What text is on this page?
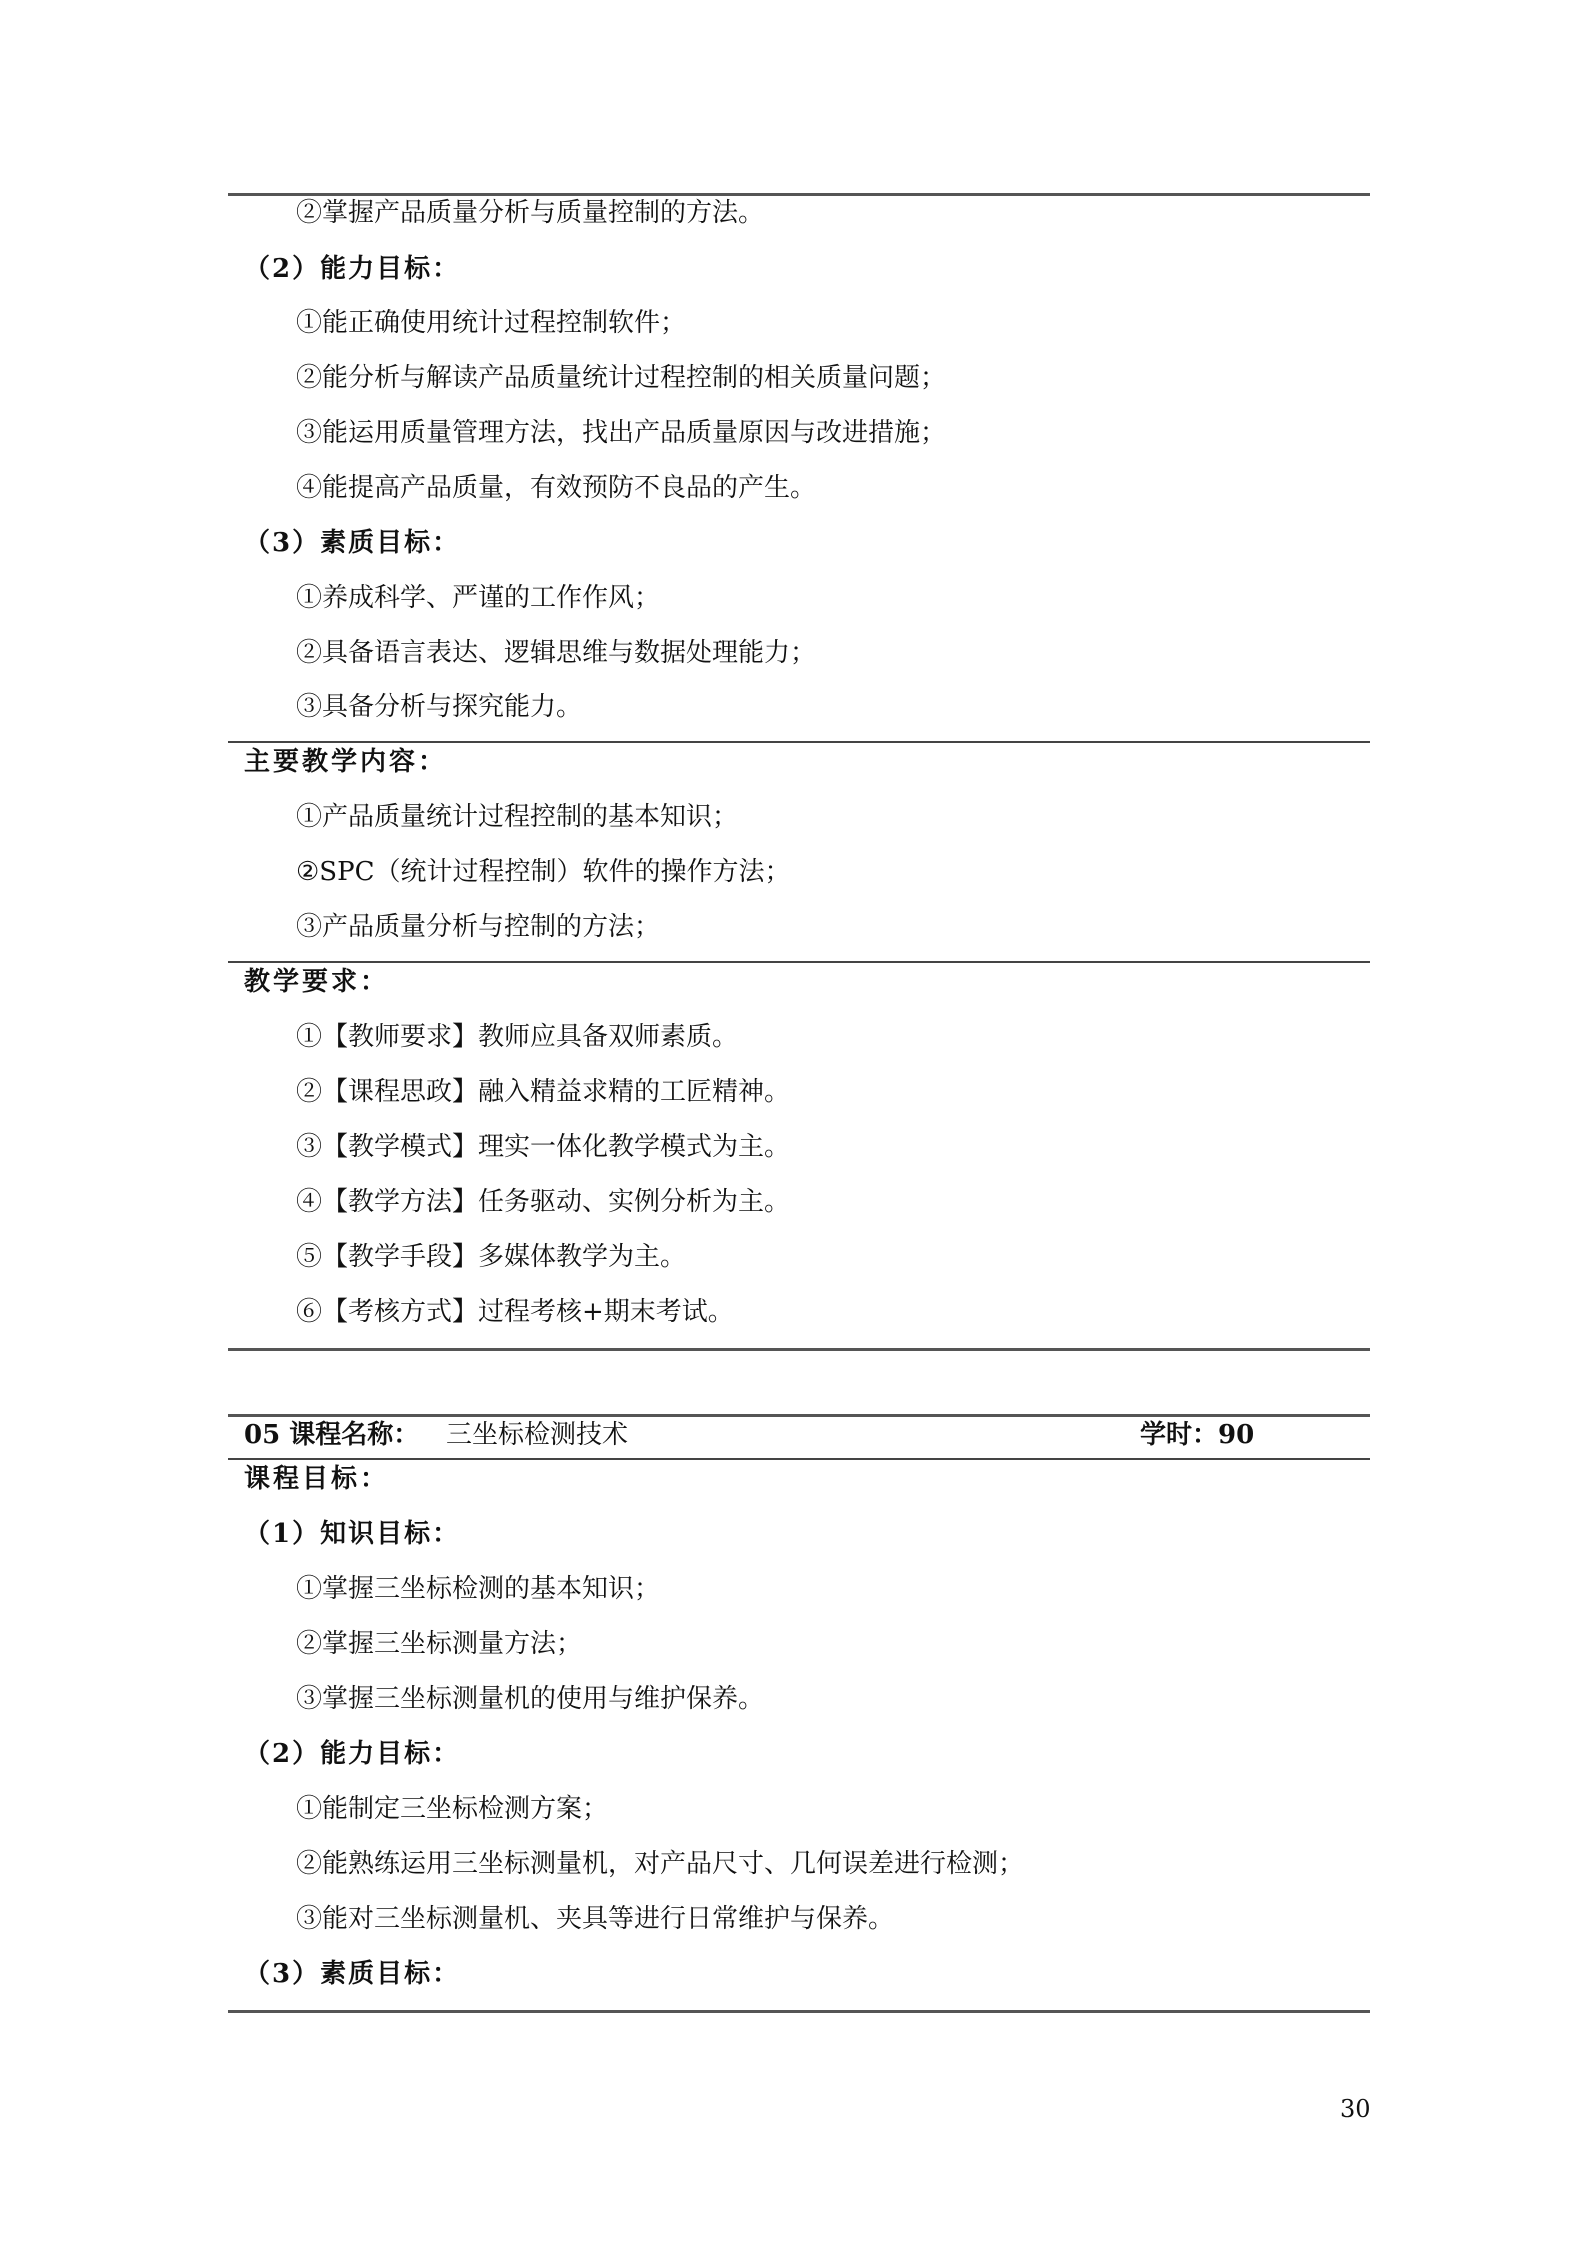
②掌握产品质量分析与质量控制的方法。
（2）能力目标：
①能正确使用统计过程控制软件；
②能分析与解读产品质量统计过程控制的相关质量问题；
③能运用质量管理方法，找出产品质量原因与改进措施；
④能提高产品质量，有效预防不良品的产生。
（3）素质目标：
①养成科学、严谨的工作作风；
②具备语言表达、逻辑思维与数据处理能力；
③具备分析与探究能力。
主要教学内容：
①产品质量统计过程控制的基本知识；
②SPC（统计过程控制）软件的操作方法；
③产品质量分析与控制的方法；
教学要求：
①【教师要求】教师应具备双师素质。
②【课程思政】融入精益求精的工匠精神。
③【教学模式】理实一体化教学模式为主。
④【教学方法】任务驱动、实例分析为主。
⑤【教学手段】多媒体教学为主。
⑥【考核方式】过程考核+期末考试。
05 课程名称： 三坐标检测技术	学时：90
课程目标：
（1）知识目标：
①掌握三坐标检测的基本知识；
②掌握三坐标测量方法；
③掌握三坐标测量机的使用与维护保养。
（2）能力目标：
①能制定三坐标检测方案；
②能熟练运用三坐标测量机，对产品尺寸、几何误差进行检测；
③能对三坐标测量机、夹具等进行日常维护与保养。
（3）素质目标：
30
